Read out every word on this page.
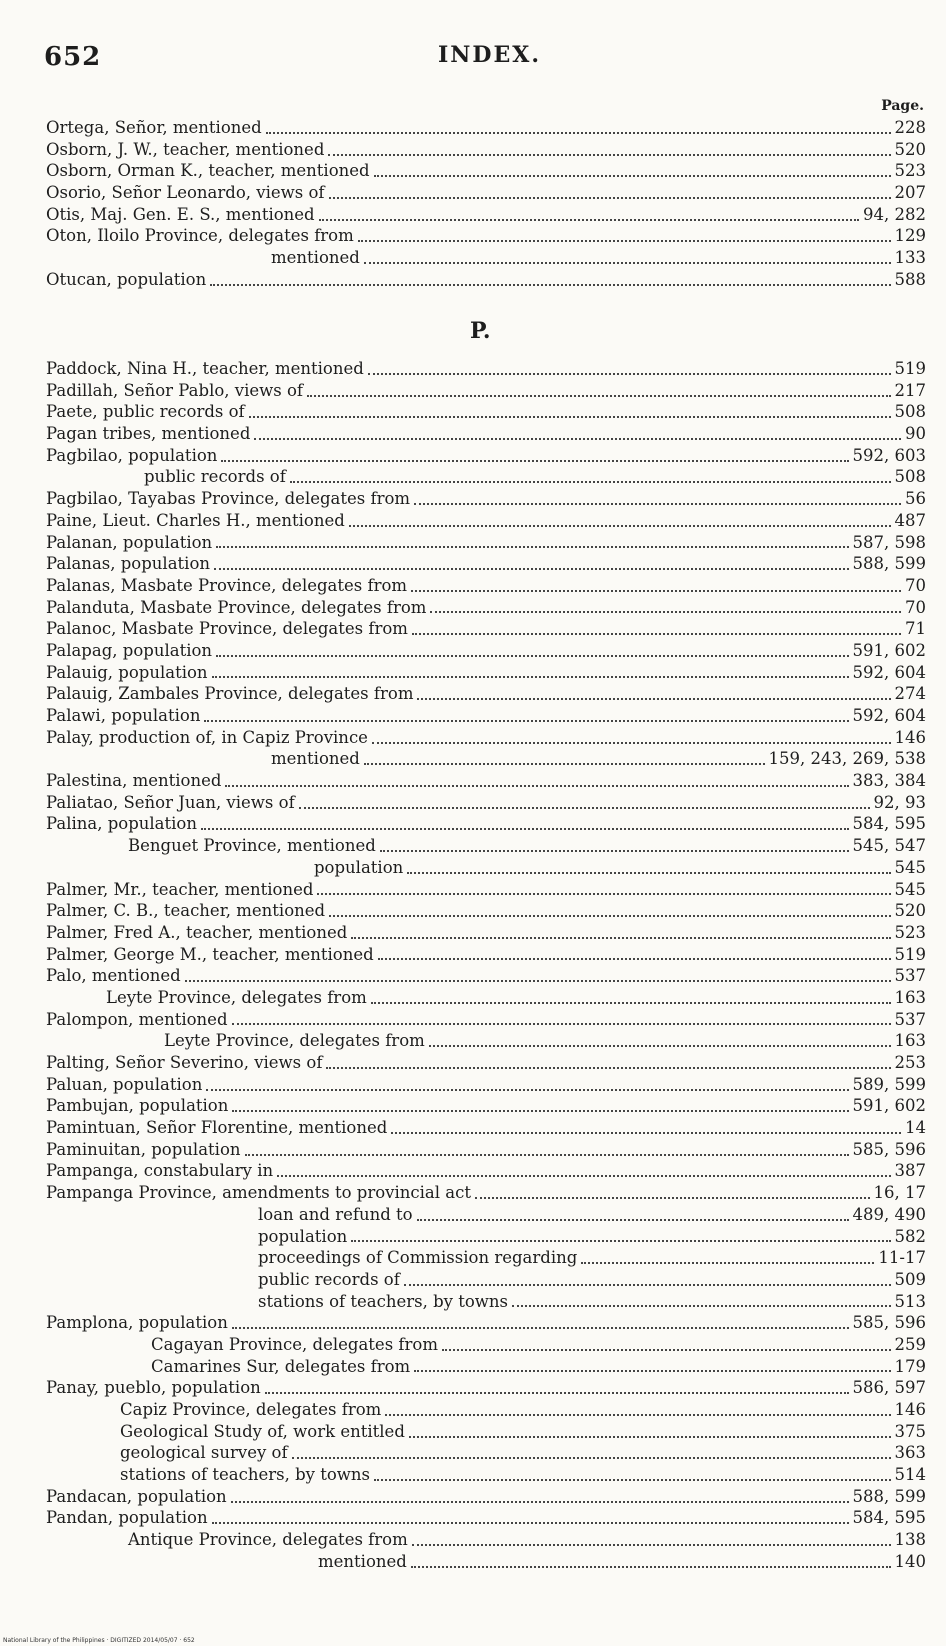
652	INDEX.
Page.
Ortega, Señor, mentioned	228
Osborn, J. W., teacher, mentioned	520
Osborn, Orman K., teacher, mentioned	523
Osorio, Señor Leonardo, views of	207
Otis, Maj. Gen. E. S., mentioned	94, 282
Oton, Iloilo Province, delegates from	129
mentioned	133
Otucan, population	588
P.
Paddock, Nina H., teacher, mentioned	519
Padillah, Señor Pablo, views of	217
Paete, public records of	508
Pagan tribes, mentioned	90
Pagbilao, population	592, 603
public records of	508
Pagbilao, Tayabas Province, delegates from	56
Paine, Lieut. Charles H., mentioned	487
Palanan, population	587, 598
Palanas, population	588, 599
Palanas, Masbate Province, delegates from	70
Palanduta, Masbate Province, delegates from	70
Palanoc, Masbate Province, delegates from	71
Palapag, population	591, 602
Palauig, population	592, 604
Palauig, Zambales Province, delegates from	274
Palawi, population	592, 604
Palay, production of, in Capiz Province	146
mentioned	159, 243, 269, 538
Palestina, mentioned	383, 384
Paliatao, Señor Juan, views of	92, 93
Palina, population	584, 595
Benguet Province, mentioned	545, 547
population	545
Palmer, Mr., teacher, mentioned	545
Palmer, C. B., teacher, mentioned	520
Palmer, Fred A., teacher, mentioned	523
Palmer, George M., teacher, mentioned	519
Palo, mentioned	537
Leyte Province, delegates from	163
Palompon, mentioned	537
Leyte Province, delegates from	163
Palting, Señor Severino, views of	253
Paluan, population	589, 599
Pambujan, population	591, 602
Pamintuan, Señor Florentine, mentioned	14
Paminuitan, population	585, 596
Pampanga, constabulary in	387
Pampanga Province, amendments to provincial act	16, 17
loan and refund to	489, 490
population	582
proceedings of Commission regarding	11-17
public records of	509
stations of teachers, by towns	513
Pamplona, population	585, 596
Cagayan Province, delegates from	259
Camarines Sur, delegates from	179
Panay, pueblo, population	586, 597
Capiz Province, delegates from	146
Geological Study of, work entitled	375
geological survey of	363
stations of teachers, by towns	514
Pandacan, population	588, 599
Pandan, population	584, 595
Antique Province, delegates from	138
mentioned	140
National Library of the Philippines · DIGITIZED 2014/05/07 · 652
